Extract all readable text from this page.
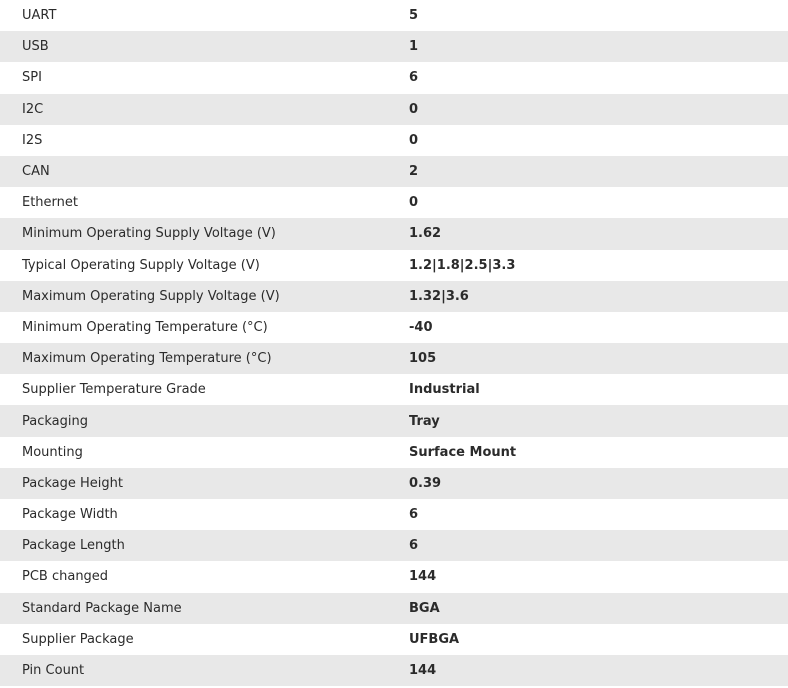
UART	5
USB	1
SPI	6
I2C	0
I2S	0
CAN	2
Ethernet	0
Minimum Operating Supply Voltage (V)	1.62
Typical Operating Supply Voltage (V)	1.2|1.8|2.5|3.3
Maximum Operating Supply Voltage (V)	1.32|3.6
Minimum Operating Temperature (°C)	-40
Maximum Operating Temperature (°C)	105
Supplier Temperature Grade	Industrial
Packaging	Tray
Mounting	Surface Mount
Package Height	0.39
Package Width	6
Package Length	6
PCB changed	144
Standard Package Name	BGA
Supplier Package	UFBGA
Pin Count	144
